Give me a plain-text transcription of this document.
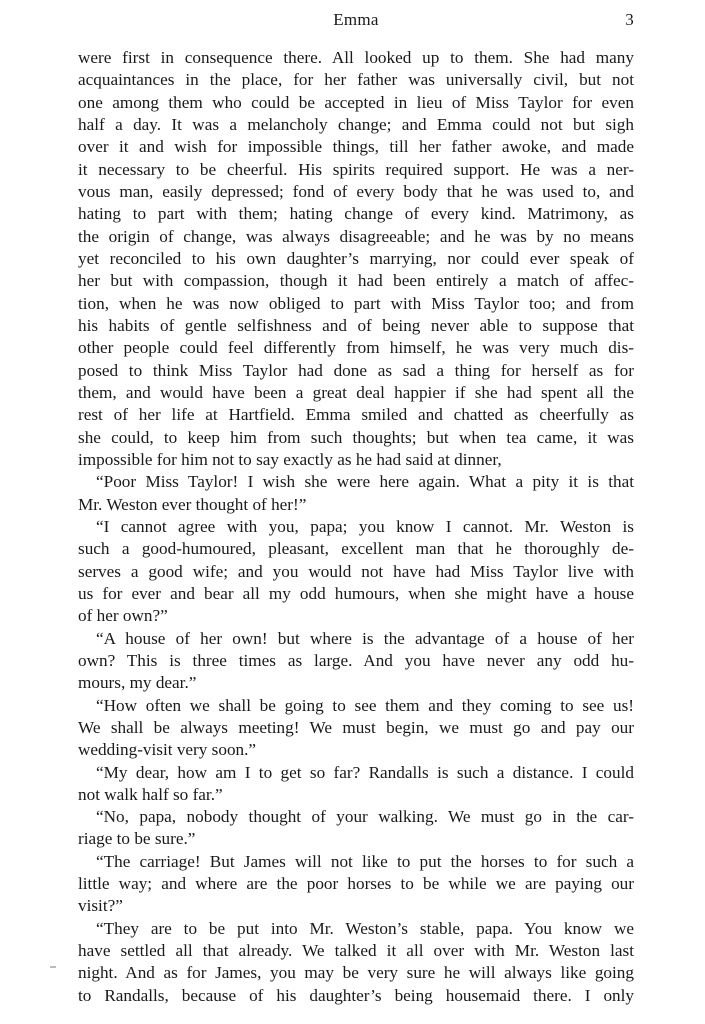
Emma	3
were first in consequence there. All looked up to them. She had many
acquaintances in the place, for her father was universally civil, but not
one among them who could be accepted in lieu of Miss Taylor for even
half a day. It was a melancholy change; and Emma could not but sigh
over it and wish for impossible things, till her father awoke, and made
it necessary to be cheerful. His spirits required support. He was a ner-
vous man, easily depressed; fond of every body that he was used to, and
hating to part with them; hating change of every kind. Matrimony, as
the origin of change, was always disagreeable; and he was by no means
yet reconciled to his own daughter’s marrying, nor could ever speak of
her but with compassion, though it had been entirely a match of affec-
tion, when he was now obliged to part with Miss Taylor too; and from
his habits of gentle selfishness and of being never able to suppose that
other people could feel differently from himself, he was very much dis-
posed to think Miss Taylor had done as sad a thing for herself as for
them, and would have been a great deal happier if she had spent all the
rest of her life at Hartfield. Emma smiled and chatted as cheerfully as
she could, to keep him from such thoughts; but when tea came, it was
impossible for him not to say exactly as he had said at dinner,
“Poor Miss Taylor! I wish she were here again. What a pity it is that
Mr. Weston ever thought of her!”
“I cannot agree with you, papa; you know I cannot. Mr. Weston is
such a good-humoured, pleasant, excellent man that he thoroughly de-
serves a good wife; and you would not have had Miss Taylor live with
us for ever and bear all my odd humours, when she might have a house
of her own?”
“A house of her own! but where is the advantage of a house of her
own? This is three times as large. And you have never any odd hu-
mours, my dear.”
“How often we shall be going to see them and they coming to see us!
We shall be always meeting! We must begin, we must go and pay our
wedding-visit very soon.”
“My dear, how am I to get so far? Randalls is such a distance. I could
not walk half so far.”
“No, papa, nobody thought of your walking. We must go in the car-
riage to be sure.”
“The carriage! But James will not like to put the horses to for such a
little way; and where are the poor horses to be while we are paying our
visit?”
“They are to be put into Mr. Weston’s stable, papa. You know we
have settled all that already. We talked it all over with Mr. Weston last
night. And as for James, you may be very sure he will always like going
to Randalls, because of his daughter’s being housemaid there. I only
